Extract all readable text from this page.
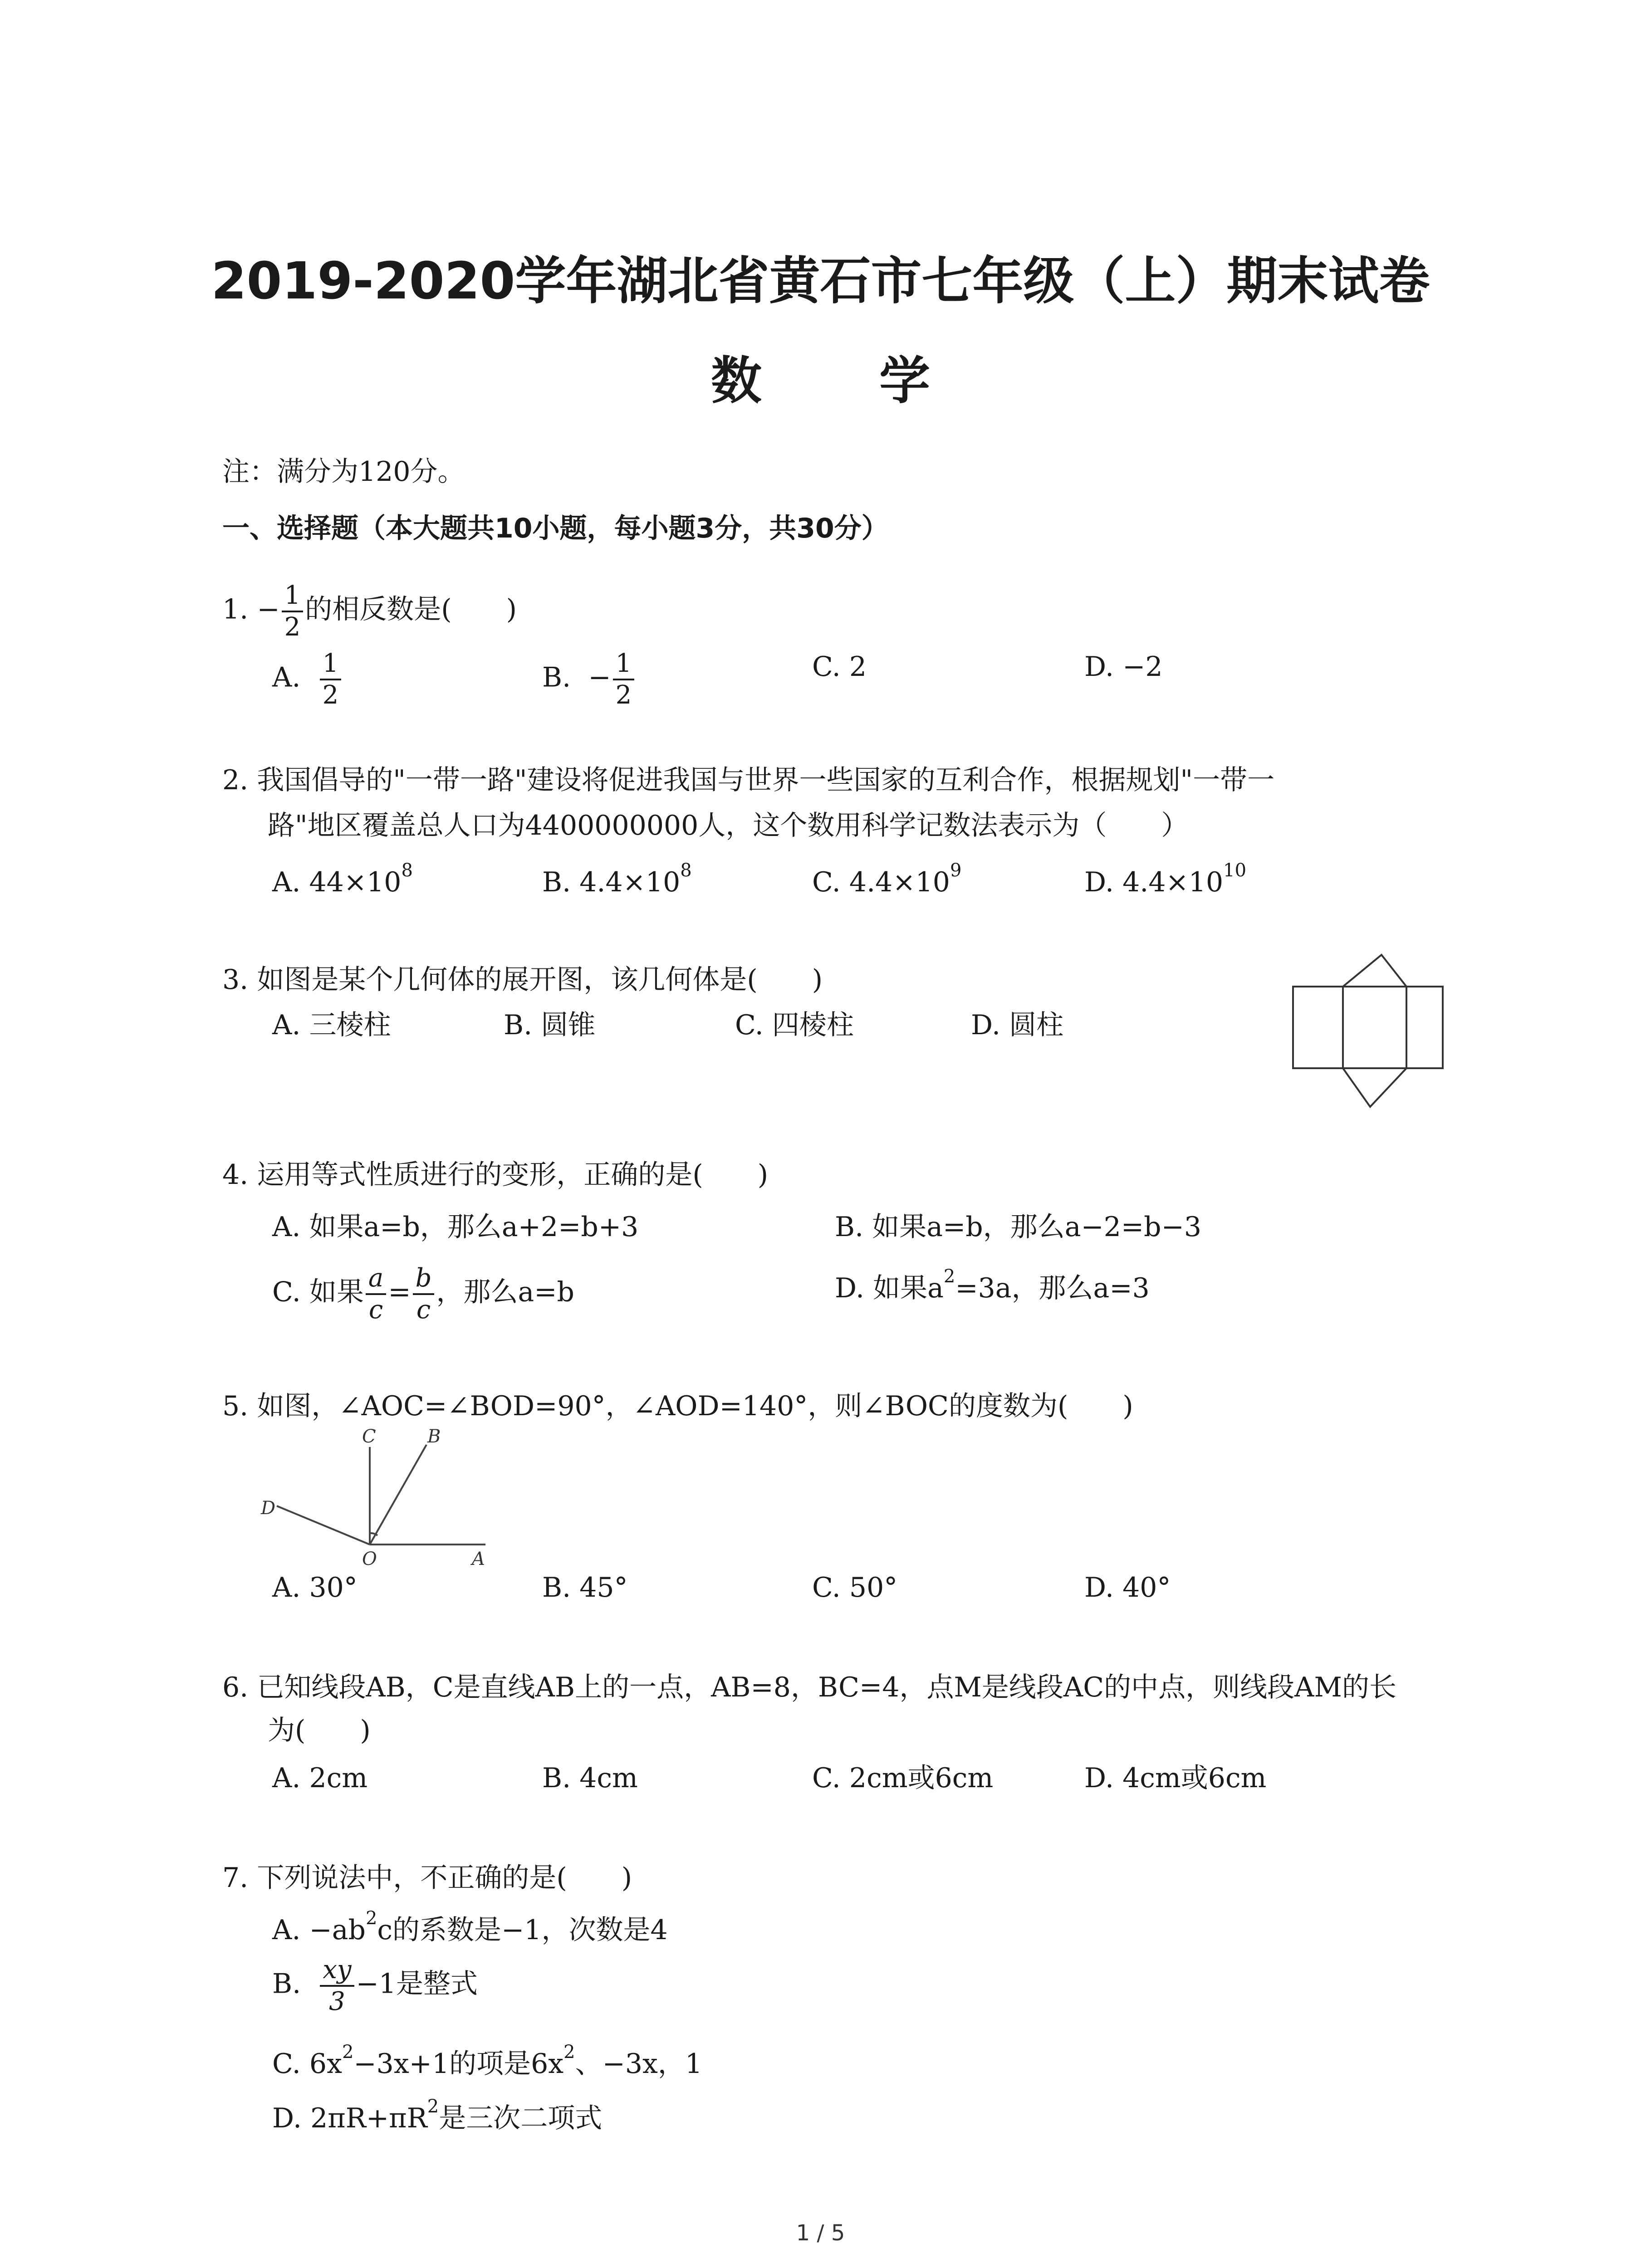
2019-2020学年湖北省黄石市七年级（上）期末试卷
数 学
注：满分为120分。
一、选择题（本大题共10小题，每小题3分，共30分）
1. − $\frac{1}{2}$ 的相反数是(　　)
A. $\frac{1}{2}$	B. − $\frac{1}{2}$	C. 2	D. −2
2. 我国倡导的"一带一路"建设将促进我国与世界一些国家的互利合作，根据规划"一带一
路"地区覆盖总人口为4400000000人，这个数用科学记数法表示为（　　）
A. $44\times 10^8$	B. $4.4\times 10^8$	C. $4.4\times 10^9$	D. $4.4\times 10^{10}$
3. 如图是某个几何体的展开图，该几何体是(　　)
A. 三棱柱	B. 圆锥	C. 四棱柱	D. 圆柱
4. 运用等式性质进行的变形，正确的是(　　)
A. 如果a=b，那么a+2=b+3	B. 如果a=b，那么a−2=b−3
C. 如果 $\frac{a}{c} = \frac{b}{c}$ ，那么a=b	D. 如果$a^2=3a$，那么a=3
5. 如图，∠AOC=∠BOD=90°，∠AOD=140°，则∠BOC的度数为(　　)
C	B
D
O	A
A. 30°	B. 45°	C. 50°	D. 40°
6. 已知线段AB，C是直线AB上的一点，AB=8，BC=4，点M是线段AC的中点，则线段AM的长
为(　　)
A. 2cm	B. 4cm	C. 2cm或6cm	D. 4cm或6cm
7. 下列说法中，不正确的是(　　)
A. $-ab^2c$的系数是−1，次数是4
B. $\frac{xy}{3} -1$是整式
C. $6x^2-3x+1$的项是$6x^2$、−3x，1
D. $2\pi R+\pi R^2$是三次二项式
1 / 5
